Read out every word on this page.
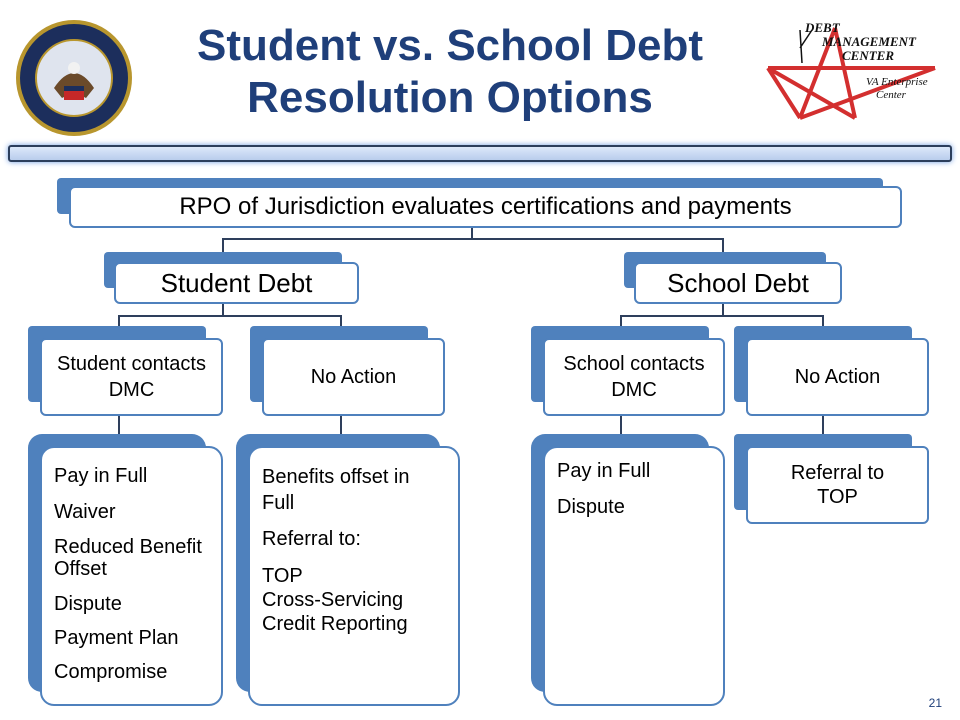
Student vs. School Debt
Resolution Options
DEBT
MANAGEMENT
CENTER
VA Enterprise
Center
RPO of Jurisdiction evaluates certifications and payments
Student Debt	School Debt
Student contacts DMC
No Action
School contacts DMC
No Action
Pay in Full
Waiver
Reduced Benefit Offset
Dispute
Payment Plan
Compromise
Benefits offset in Full
Referral to:
TOP
Cross-Servicing
Credit Reporting
Pay in Full
Dispute
Referral to TOP
21
